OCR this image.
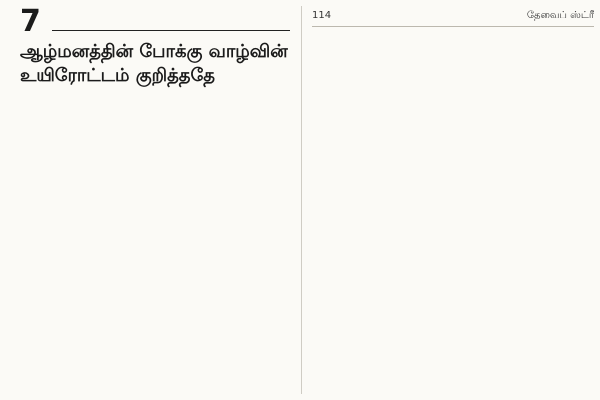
7
ஆழ்மனத்தின் போக்கு வாழ்வின்
உயிரோட்டம் குறித்ததே
114	தேவைப் ஸ்ட்ரீ
